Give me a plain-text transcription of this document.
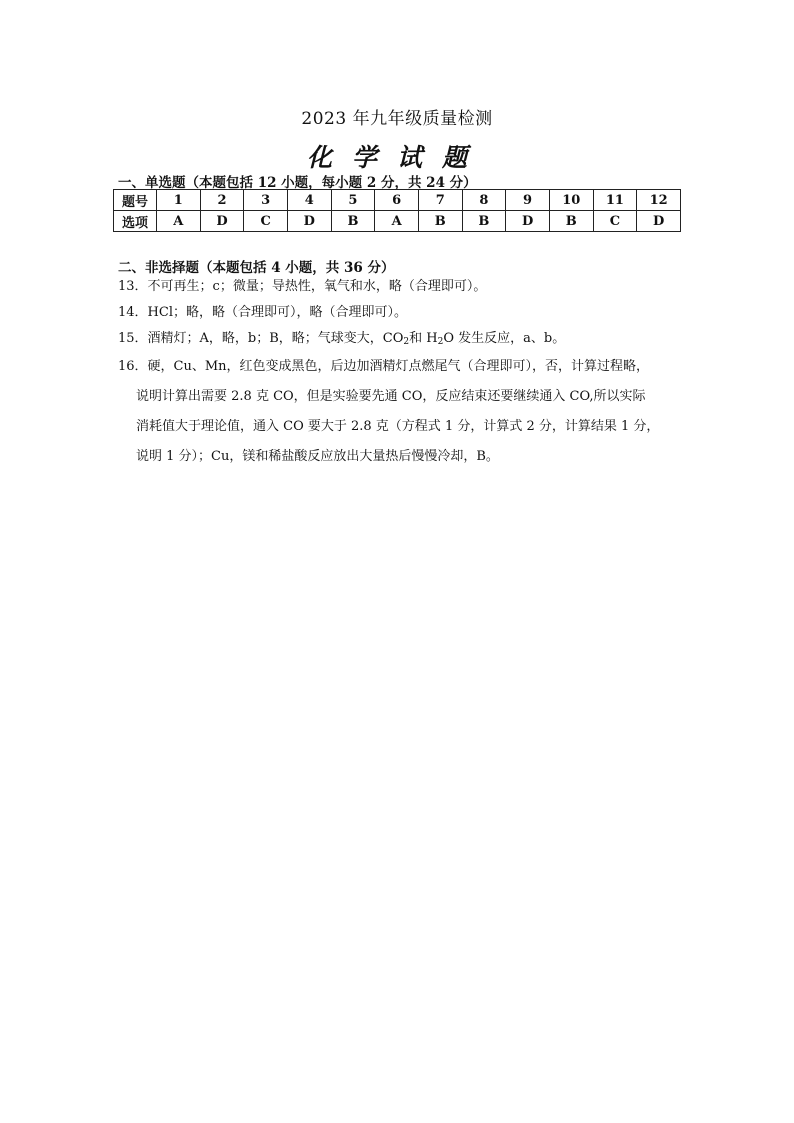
2023 年九年级质量检测
化学试题

一、单选题（本题包括 12 小题，每小题 2 分，共 24 分）

题号	1	2	3	4	5	6	7	8	9	10	11	12
选项	A	D	C	D	B	A	B	B	D	B	C	D

二、非选择题（本题包括 4 小题，共 36 分）

13．不可再生；c；微量；导热性，氧气和水，略（合理即可）。
14．HCl；略，略（合理即可），略（合理即可）。
15．酒精灯；A，略，b；B，略；气球变大，$CO_2$和 $H_2O$ 发生反应，a、b。
16．硬，Cu、Mn，红色变成黑色，后边加酒精灯点燃尾气（合理即可），否，计算过程略，
说明计算出需要 2.8 克 CO，但是实验要先通 CO，反应结束还要继续通入 CO,所以实际
消耗值大于理论值，通入 CO 要大于 2.8 克（方程式 1 分，计算式 2 分，计算结果 1 分，
说明 1 分）；Cu，镁和稀盐酸反应放出大量热后慢慢冷却，B。
